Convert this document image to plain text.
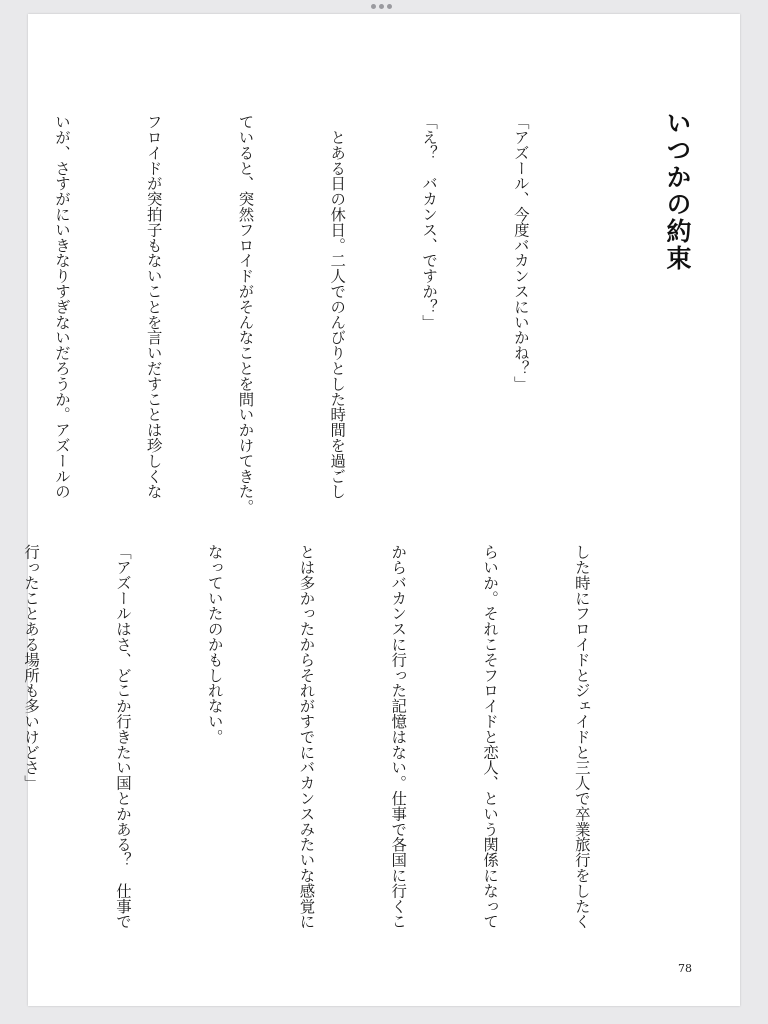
いつかの約束

「アズール、今度バカンスにいかね？」

「え？　バカンス、ですか？」

　とある日の休日。二人でのんびりとした時間を過ごし

ていると、突然フロイドがそんなことを問いかけてきた。

フロイドが突拍子もないことを言いだすことは珍しくな

いが、さすがにいきなりすぎないだろうか。アズールの

した時にフロイドとジェイドと三人で卒業旅行をしたく

らいか。それこそフロイドと恋人、という関係になって

からバカンスに行った記憶はない。仕事で各国に行くこ

とは多かったからそれがすでにバカンスみたいな感覚に

なっていたのかもしれない。

「アズールはさ、どこか行きたい国とかある？　仕事で

行ったことある場所も多いけどさ」

78
